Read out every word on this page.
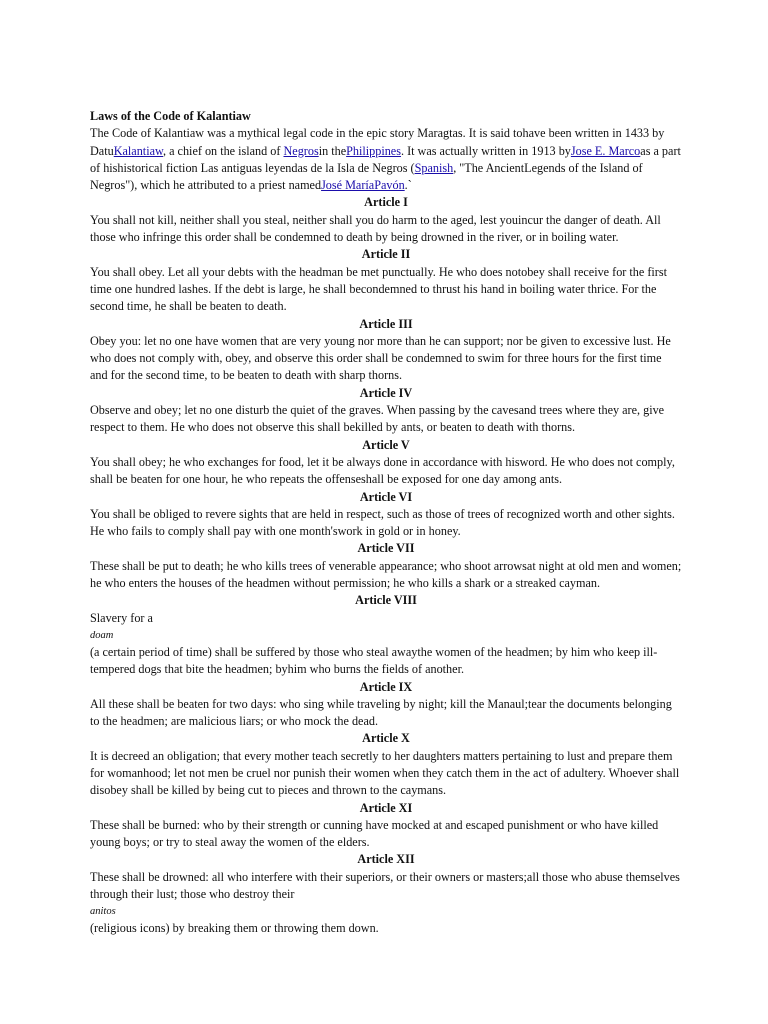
Laws of the Code of Kalantiaw

The Code of Kalantiaw was a mythical legal code in the epic story Maragtas. It is said tohave been written in 1433 by DatuKalantiaw, a chief on the island of Negrosin thePhilippines. It was actually written in 1913 byJose E. Marcoas a part of hishistorical fiction Las antiguas leyendas de la Isla de Negros (Spanish, "The AncientLegends of the Island of Negros"), which he attributed to a priest namedJosé MaríaPavón.`

Article I

You shall not kill, neither shall you steal, neither shall you do harm to the aged, lest youincur the danger of death. All those who infringe this order shall be condemned to death by being drowned in the river, or in boiling water.

Article II

You shall obey. Let all your debts with the headman be met punctually. He who does notobey shall receive for the first time one hundred lashes. If the debt is large, he shall becondemned to thrust his hand in boiling water thrice. For the second time, he shall be beaten to death.

Article III

Obey you: let no one have women that are very young nor more than he can support; nor be given to excessive lust. He who does not comply with, obey, and observe this order shall be condemned to swim for three hours for the first time and for the second time, to be beaten to death with sharp thorns.

Article IV

Observe and obey; let no one disturb the quiet of the graves. When passing by the cavesand trees where they are, give respect to them. He who does not observe this shall bekilled by ants, or beaten to death with thorns.

Article V

You shall obey; he who exchanges for food, let it be always done in accordance with hisword. He who does not comply, shall be beaten for one hour, he who repeats the offenseshall be exposed for one day among ants.

Article VI

You shall be obliged to revere sights that are held in respect, such as those of trees of recognized worth and other sights. He who fails to comply shall pay with one month'swork in gold or in honey.

Article VII

These shall be put to death; he who kills trees of venerable appearance; who shoot arrowsat night at old men and women; he who enters the houses of the headmen without permission; he who kills a shark or a streaked cayman.

Article VIII

Slavery for a

doam

(a certain period of time) shall be suffered by those who steal awaythe women of the headmen; by him who keep ill-tempered dogs that bite the headmen; byhim who burns the fields of another.

Article IX

All these shall be beaten for two days: who sing while traveling by night; kill the Manaul;tear the documents belonging to the headmen; are malicious liars; or who mock the dead.

Article X

It is decreed an obligation; that every mother teach secretly to her daughters matters pertaining to lust and prepare them for womanhood; let not men be cruel nor punish their women when they catch them in the act of adultery. Whoever shall disobey shall be killed by being cut to pieces and thrown to the caymans.

Article XI

These shall be burned: who by their strength or cunning have mocked at and escaped punishment or who have killed young boys; or try to steal away the women of the elders.

Article XII

These shall be drowned: all who interfere with their superiors, or their owners or masters;all those who abuse themselves through their lust; those who destroy their

anitos

(religious icons) by breaking them or throwing them down.
